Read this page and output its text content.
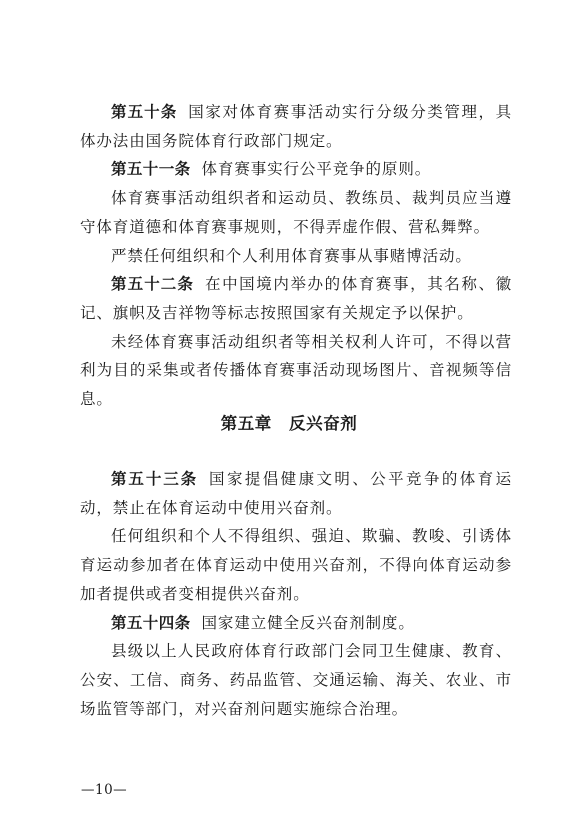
第五十条 国家对体育赛事活动实行分级分类管理，具体办法由国务院体育行政部门规定。

第五十一条 体育赛事实行公平竞争的原则。

体育赛事活动组织者和运动员、教练员、裁判员应当遵守体育道德和体育赛事规则，不得弄虚作假、营私舞弊。

严禁任何组织和个人利用体育赛事从事赌博活动。

第五十二条 在中国境内举办的体育赛事，其名称、徽记、旗帜及吉祥物等标志按照国家有关规定予以保护。

未经体育赛事活动组织者等相关权利人许可，不得以营利为目的采集或者传播体育赛事活动现场图片、音视频等信息。

第五章　反兴奋剂

第五十三条 国家提倡健康文明、公平竞争的体育运动，禁止在体育运动中使用兴奋剂。

任何组织和个人不得组织、强迫、欺骗、教唆、引诱体育运动参加者在体育运动中使用兴奋剂，不得向体育运动参加者提供或者变相提供兴奋剂。

第五十四条 国家建立健全反兴奋剂制度。

县级以上人民政府体育行政部门会同卫生健康、教育、公安、工信、商务、药品监管、交通运输、海关、农业、市场监管等部门，对兴奋剂问题实施综合治理。

—10—
